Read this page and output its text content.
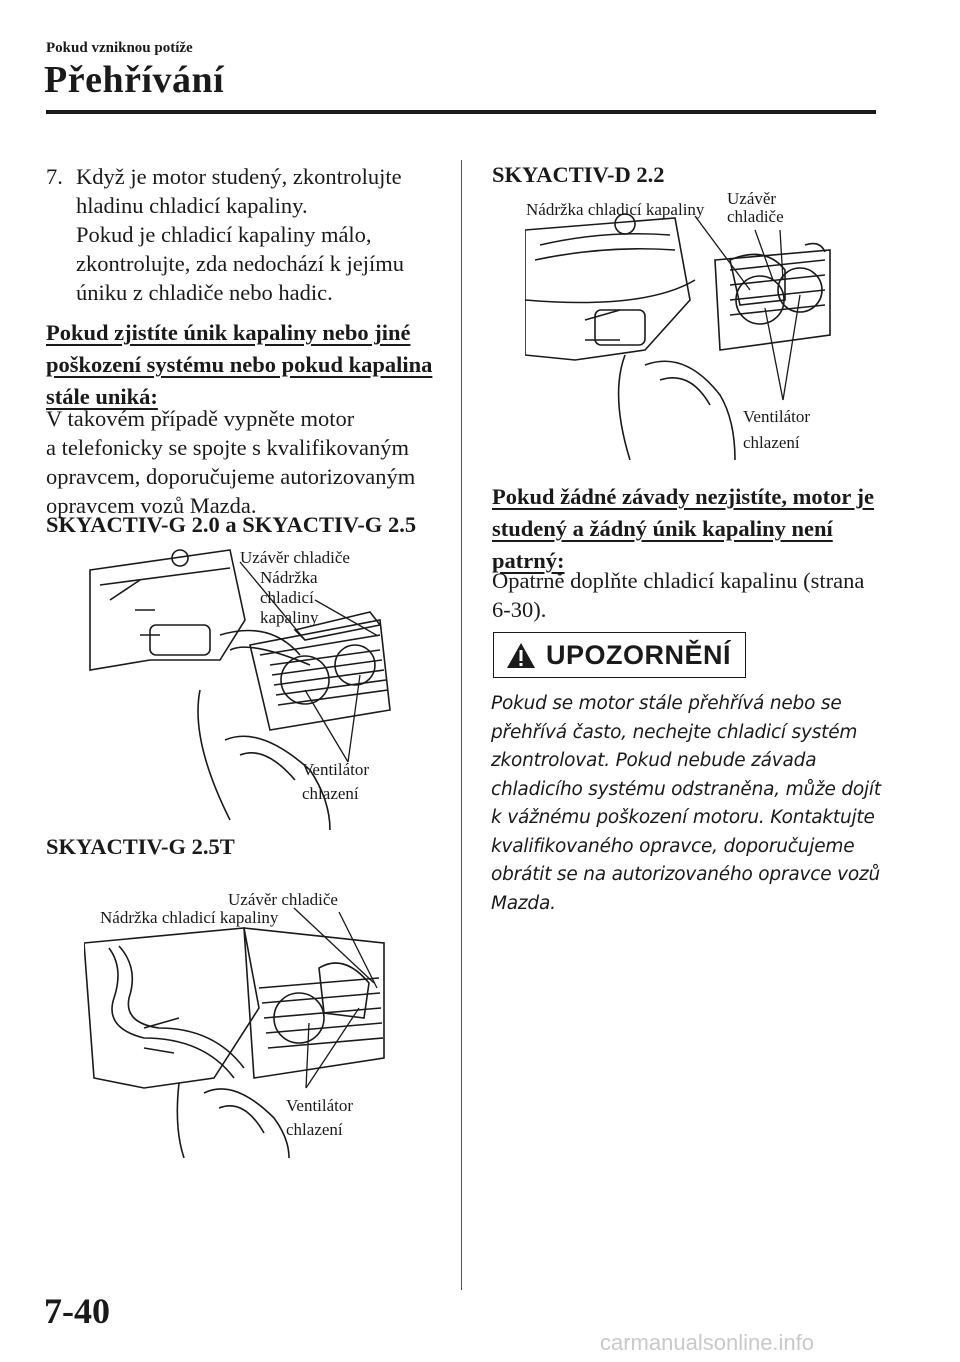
Pokud vzniknou potíže
Přehřívání
7. Když je motor studený, zkontrolujte
hladinu chladicí kapaliny.
Pokud je chladicí kapaliny málo,
zkontrolujte, zda nedochází k jejímu
úniku z chladiče nebo hadic.
Pokud zjistíte únik kapaliny nebo jiné
poškození systému nebo pokud kapalina
stále uniká:
V takovém případě vypněte motor
a telefonicky se spojte s kvalifikovaným
opravcem, doporučujeme autorizovaným
opravcem vozů Mazda.
SKYACTIV-G 2.0 a SKYACTIV-G 2.5
Uzávěr chladiče
Nádržka
chladicí
kapaliny
Ventilátor
chlazení
SKYACTIV-G 2.5T
Uzávěr chladiče
Nádržka chladicí kapaliny
Ventilátor
chlazení
SKYACTIV-D 2.2
Nádržka chladicí kapaliny
Uzávěr
chladiče
Ventilátor
chlazení
Pokud žádné závady nezjistíte, motor je
studený a žádný únik kapaliny není
patrný:
Opatrně doplňte chladicí kapalinu (strana
6-30).
UPOZORNĚNÍ
Pokud se motor stále přehřívá nebo se
přehřívá často, nechejte chladicí systém
zkontrolovat. Pokud nebude závada
chladicího systému odstraněna, může dojít
k vážnému poškození motoru. Kontaktujte
kvalifikovaného opravce, doporučujeme
obrátit se na autorizovaného opravce vozů
Mazda.
7-40
carmanualsonline.info
